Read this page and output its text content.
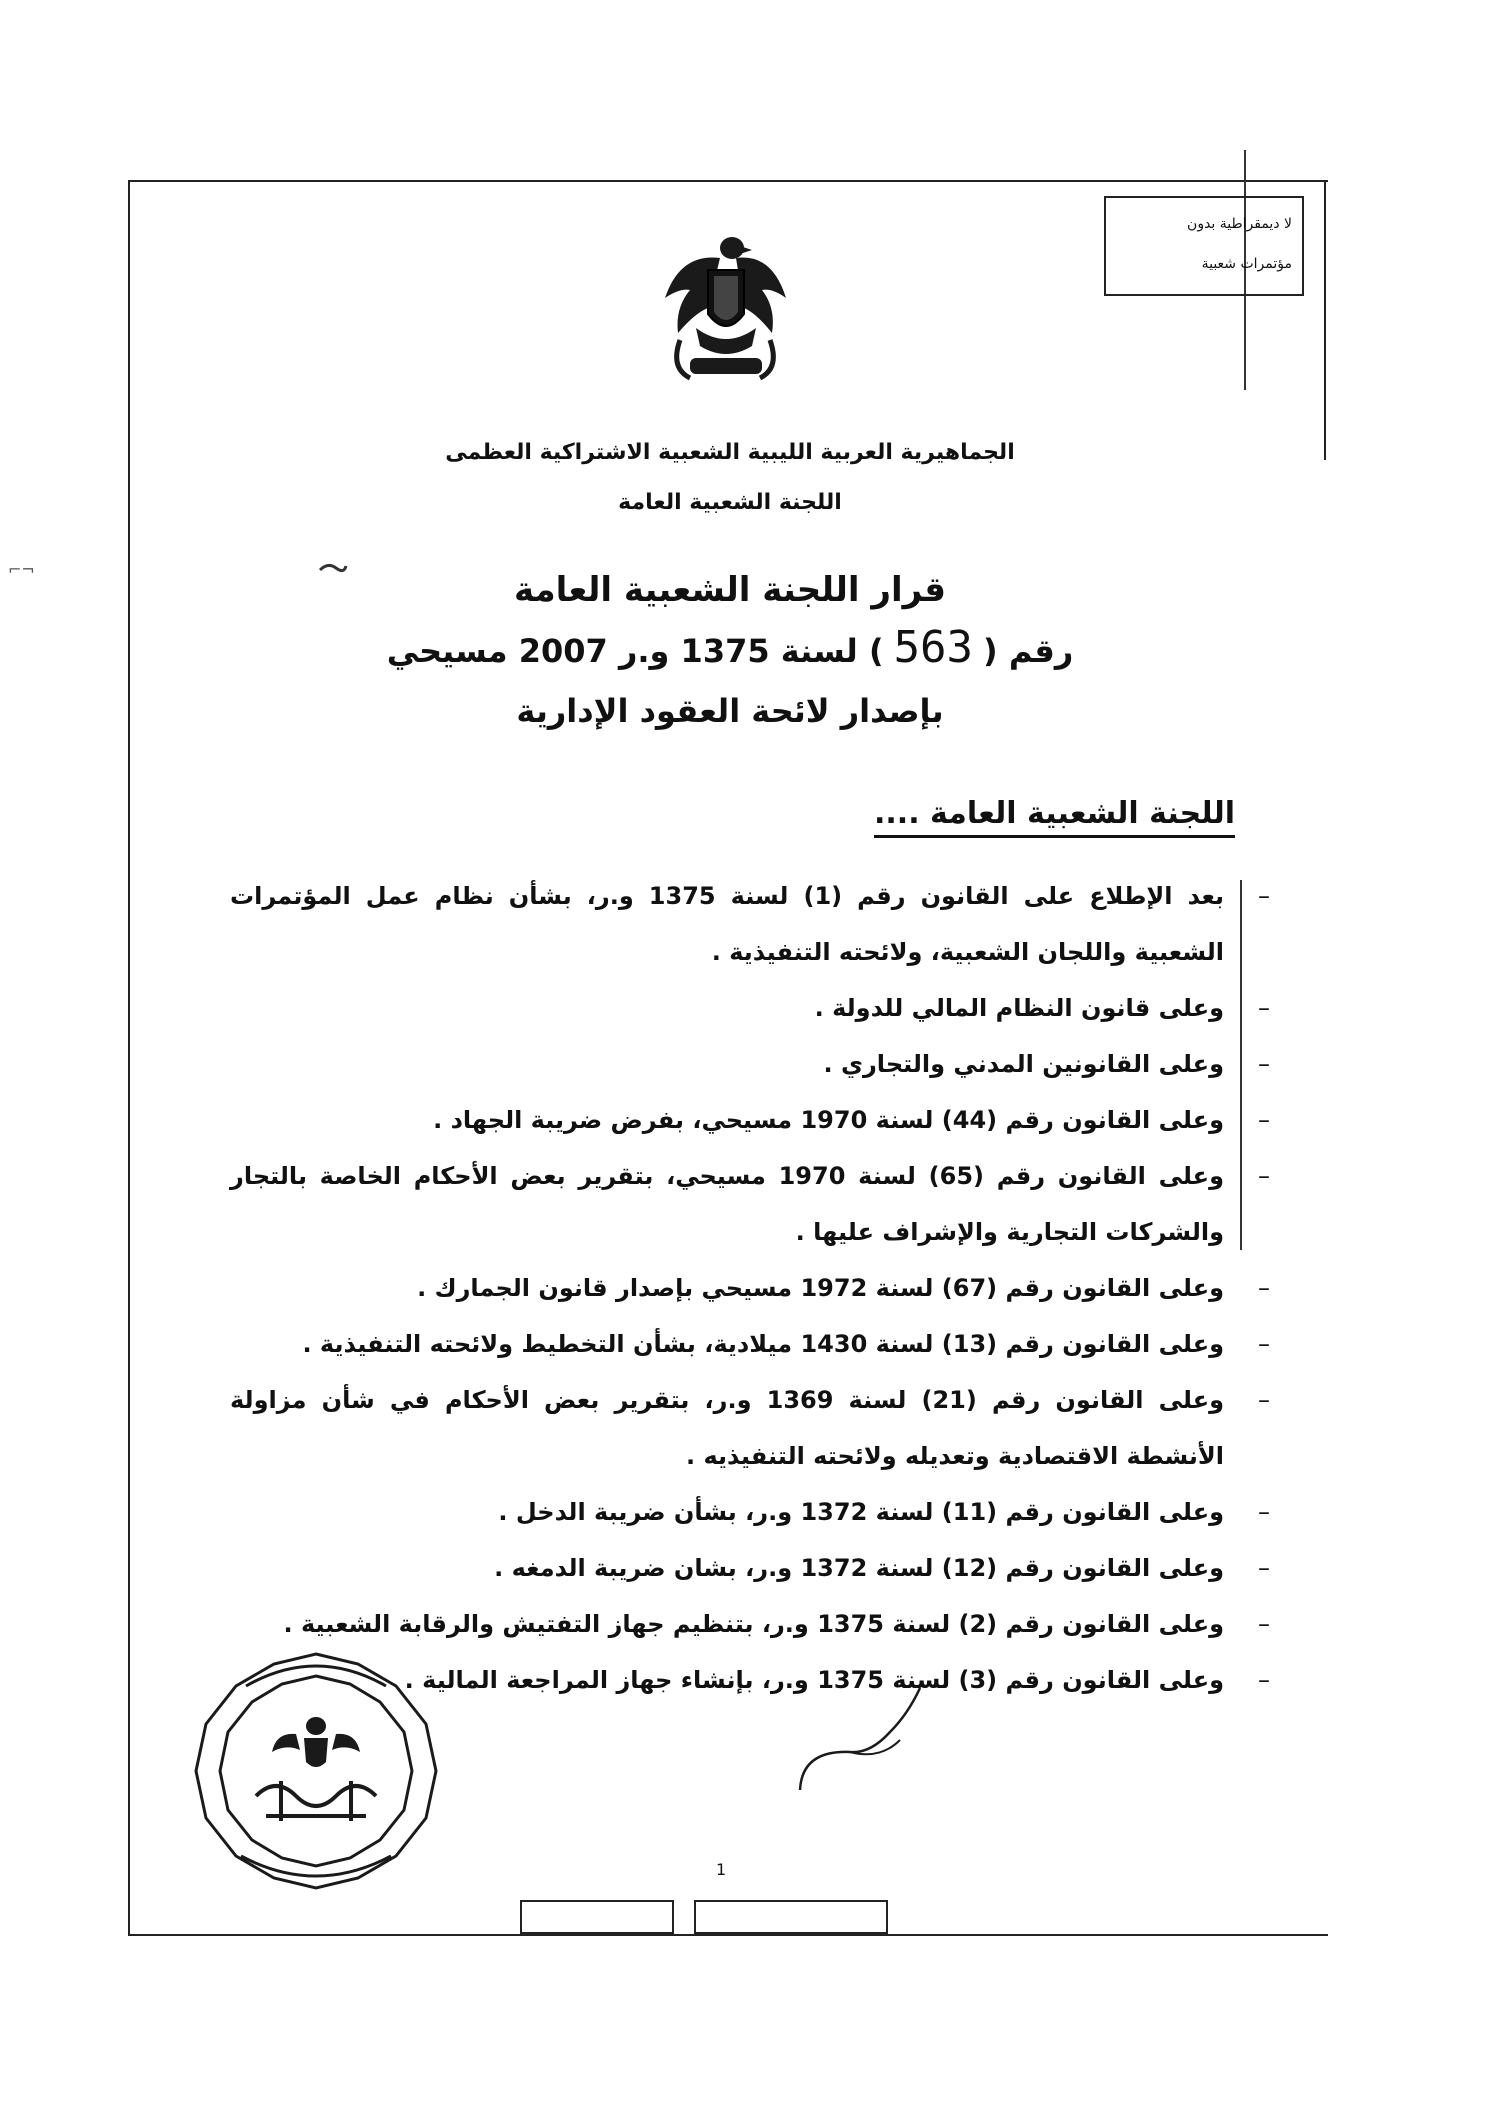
لا ديمقراطية بدون
مؤتمرات شعبية
⌐¬
الجماهيرية العربية الليبية الشعبية الاشتراكية العظمى
اللجنة الشعبية العامة
قرار اللجنة الشعبية العامة
رقم (563) لسنة 1375 و.ر 2007 مسيحي
بإصدار لائحة العقود الإدارية
اللجنة الشعبية العامة ....
–
بعد الإطلاع على القانون رقم (1) لسنة 1375 و.ر، بشأن نظام عمل المؤتمرات الشعبية واللجان الشعبية، ولائحته التنفيذية .
–
وعلى قانون النظام المالي للدولة .
–
وعلى القانونين المدني والتجاري .
–
وعلى القانون رقم (44) لسنة 1970 مسيحي، بفرض ضريبة الجهاد .
–
وعلى القانون رقم (65) لسنة 1970 مسيحي، بتقرير بعض الأحكام الخاصة بالتجار والشركات التجارية والإشراف عليها .
–
وعلى القانون رقم (67) لسنة 1972 مسيحي بإصدار قانون الجمارك .
–
وعلى القانون رقم (13) لسنة 1430 ميلادية، بشأن التخطيط ولائحته التنفيذية .
–
وعلى القانون رقم (21) لسنة 1369 و.ر، بتقرير بعض الأحكام في شأن مزاولة الأنشطة الاقتصادية وتعديله ولائحته التنفيذيه .
–
وعلى القانون رقم (11) لسنة 1372 و.ر، بشأن ضريبة الدخل .
–
وعلى القانون رقم (12) لسنة 1372 و.ر، بشان ضريبة الدمغه .
–
وعلى القانون رقم (2) لسنة 1375 و.ر، بتنظيم جهاز التفتيش والرقابة الشعبية .
–
وعلى القانون رقم (3) لسنة 1375 و.ر، بإنشاء جهاز المراجعة المالية .
1
